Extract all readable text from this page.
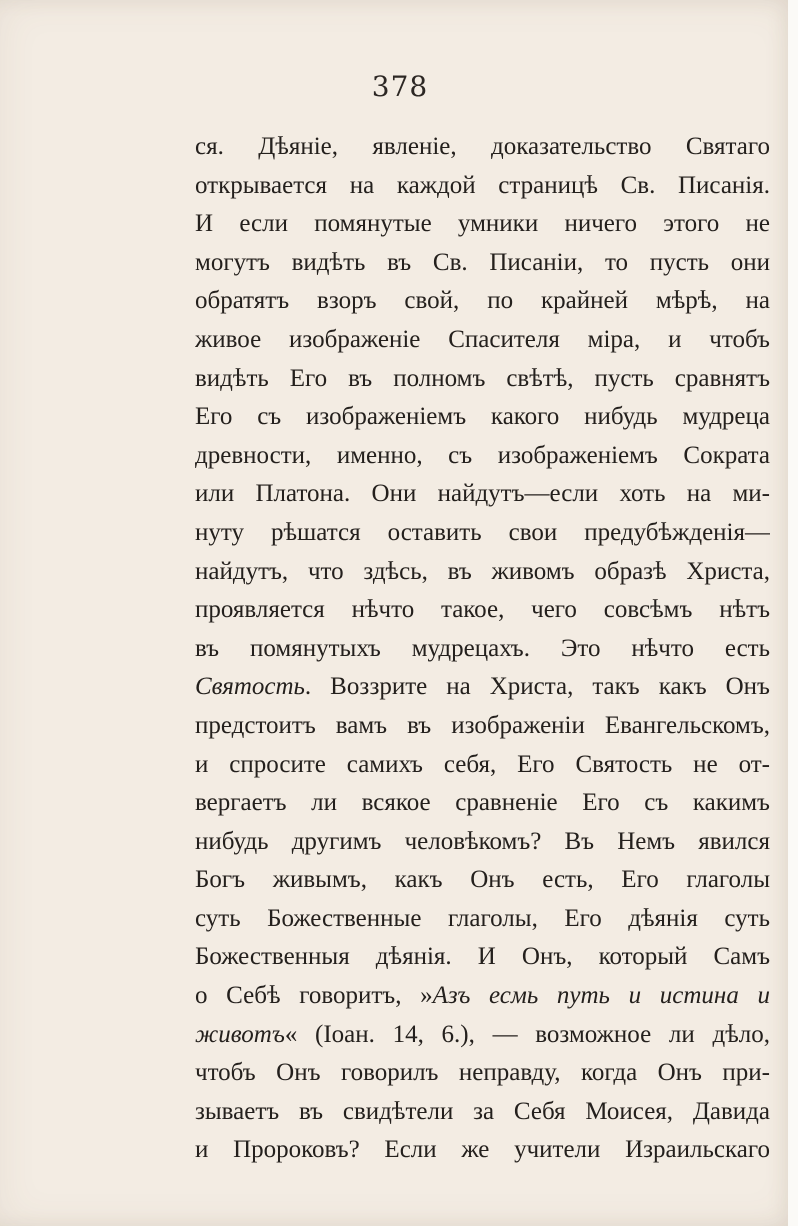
378
ся. Дѣяніе, явленіе, доказательство Святаго
открывается на каждой страницѣ Св. Писанія.
И если помянутые умники ничего этого не
могутъ видѣть въ Св. Писаніи, то пусть они
обратятъ взоръ свой, по крайней мѣрѣ, на
живое изображеніе Спасителя міра, и чтобъ
видѣть Его въ полномъ свѣтѣ, пусть сравнятъ
Его съ изображеніемъ какого нибудь мудреца
древности, именно, съ изображеніемъ Сократа
или Платона. Они найдутъ—если хоть на ми-
нуту рѣшатся оставить свои предубѣжденія—
найдутъ, что здѣсь, въ живомъ образѣ Христа,
проявляется нѣчто такое, чего совсѣмъ нѣтъ
въ помянутыхъ мудрецахъ. Это нѣчто есть
Святость. Воззрите на Христа, такъ какъ Онъ
предстоитъ вамъ въ изображеніи Евангельскомъ,
и спросите самихъ себя, Его Святость не от-
вергаетъ ли всякое сравненіе Его съ какимъ
нибудь другимъ человѣкомъ? Въ Немъ явился
Богъ живымъ, какъ Онъ есть, Его глаголы
суть Божественные глаголы, Его дѣянія суть
Божественныя дѣянія. И Онъ, который Самъ
о Себѣ говоритъ, »Азъ есмь путь и истина и
животъ« (Іоан. 14, 6.), — возможное ли дѣло,
чтобъ Онъ говорилъ неправду, когда Онъ при-
зываетъ въ свидѣтели за Себя Моисея, Давида
и Пророковъ? Если же учители Израильскаго
